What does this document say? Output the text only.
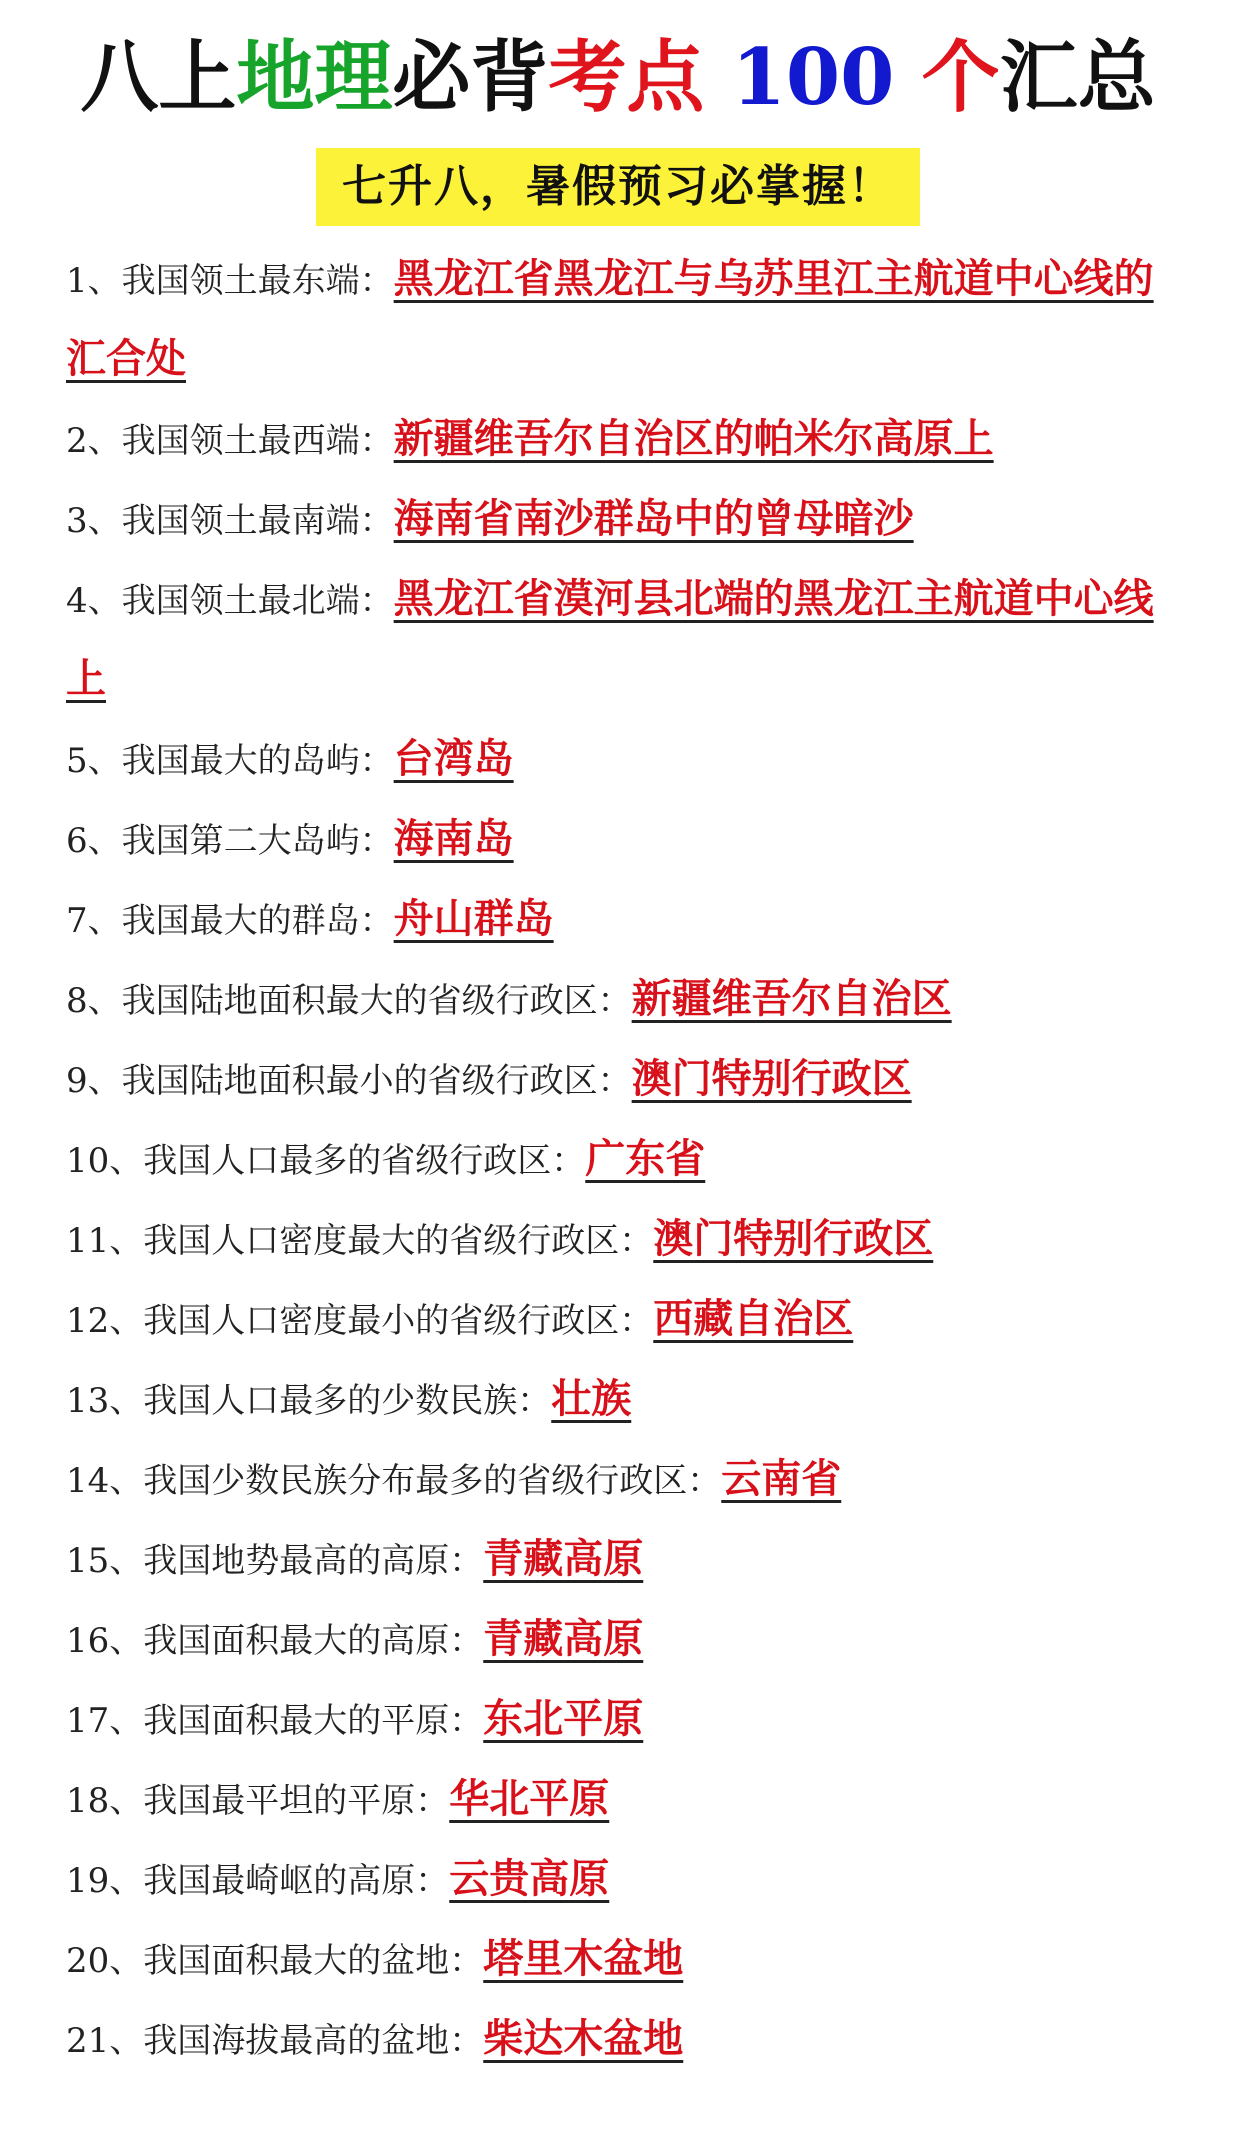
八上地理必背考点 100 个汇总
七升八，暑假预习必掌握！
1、我国领土最东端：黑龙江省黑龙江与乌苏里江主航道中心线的汇合处
2、我国领土最西端：新疆维吾尔自治区的帕米尔高原上
3、我国领土最南端：海南省南沙群岛中的曾母暗沙
4、我国领土最北端：黑龙江省漠河县北端的黑龙江主航道中心线上
5、我国最大的岛屿：台湾岛
6、我国第二大岛屿：海南岛
7、我国最大的群岛：舟山群岛
8、我国陆地面积最大的省级行政区：新疆维吾尔自治区
9、我国陆地面积最小的省级行政区：澳门特别行政区
10、我国人口最多的省级行政区：广东省
11、我国人口密度最大的省级行政区：澳门特别行政区
12、我国人口密度最小的省级行政区：西藏自治区
13、我国人口最多的少数民族：壮族
14、我国少数民族分布最多的省级行政区：云南省
15、我国地势最高的高原：青藏高原
16、我国面积最大的高原：青藏高原
17、我国面积最大的平原：东北平原
18、我国最平坦的平原：华北平原
19、我国最崎岖的高原：云贵高原
20、我国面积最大的盆地：塔里木盆地
21、我国海拔最高的盆地：柴达木盆地
